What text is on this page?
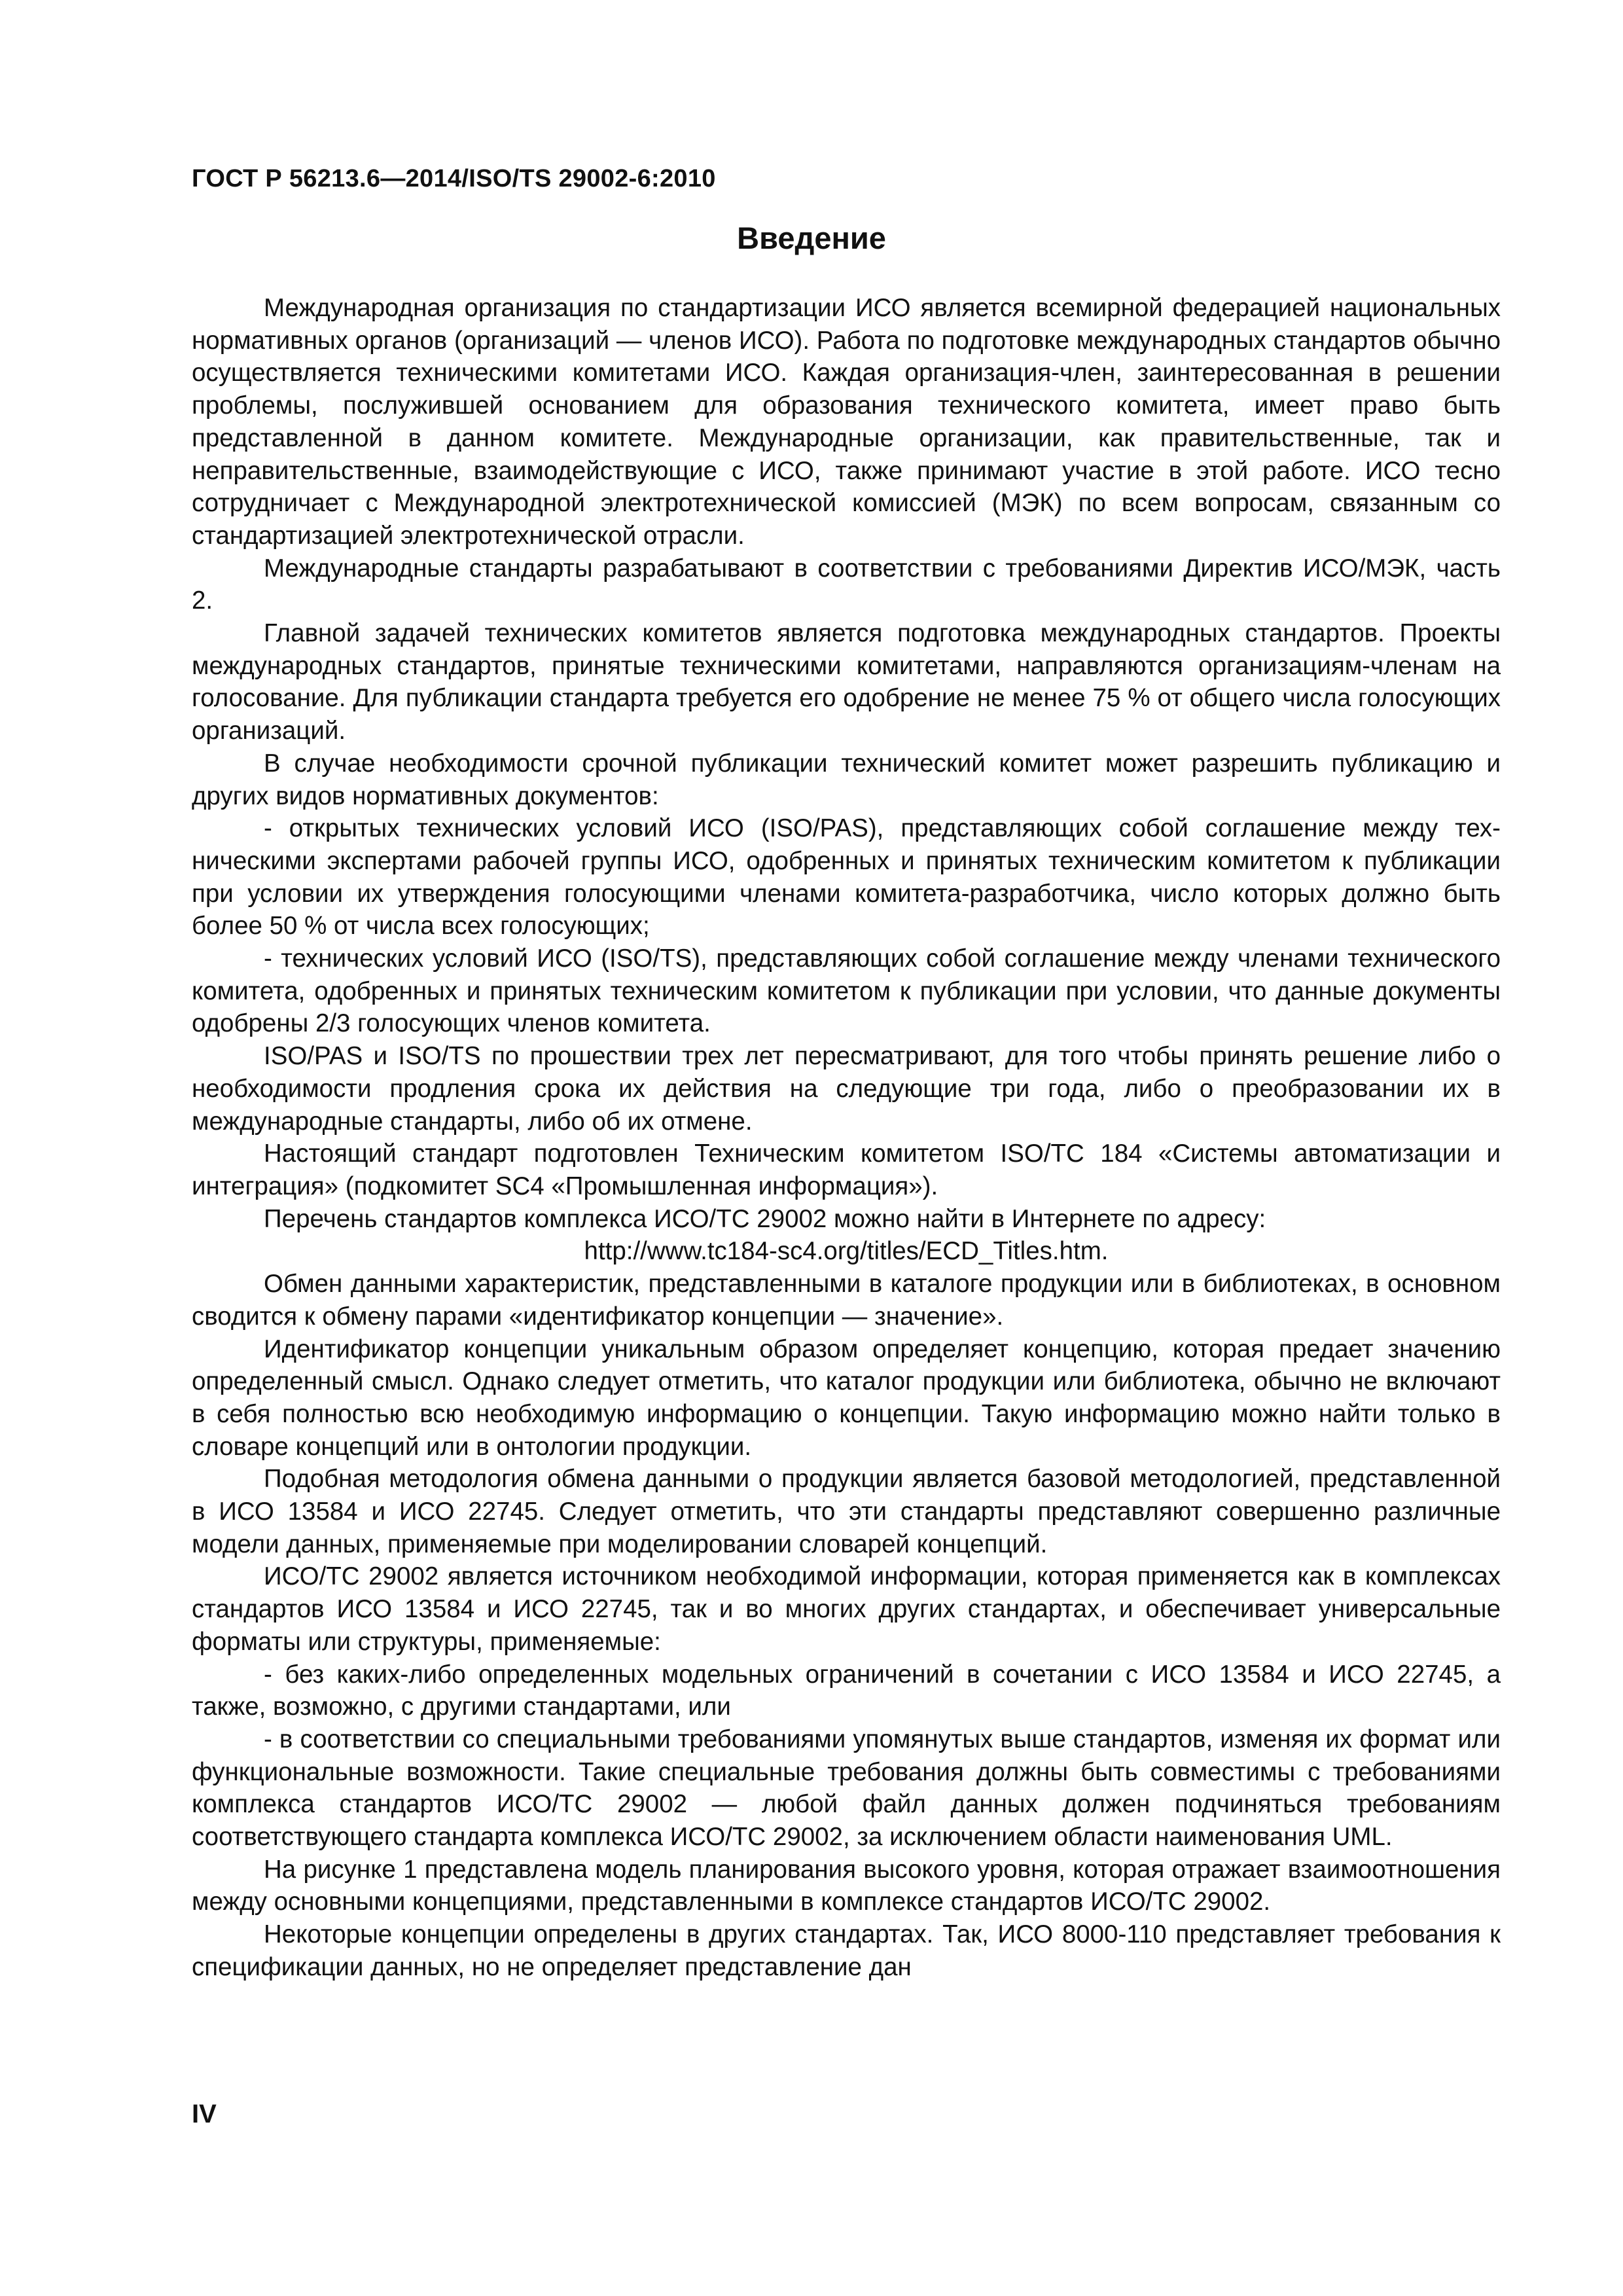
ГОСТ Р 56213.6—2014/ISO/TS 29002-6:2010
Введение

Международная организация по стандартизации ИСО является всемирной федерацией национальных нормативных органов (организаций — членов ИСО). Работа по подготовке международных стандартов обычно осуществляется техническими комитетами ИСО. Каждая организация-член, заинтересованная в решении проблемы, послужившей основанием для образования технического комитета, имеет право быть представленной в данном комитете. Международные организации, как правительственные, так и неправительственные, взаимодействующие с ИСО, также принимают участие в этой работе. ИСО тесно сотрудничает с Международной электротехнической комиссией (МЭК) по всем вопросам, связанным со стандартизацией электротехнической отрасли.

Международные стандарты разрабатывают в соответствии с требованиями Директив ИСО/МЭК, часть 2.

Главной задачей технических комитетов является подготовка международных стандартов. Проекты международных стандартов, принятые техническими комитетами, направляются организациям-членам на голосование. Для публикации стандарта требуется его одобрение не менее 75 % от общего числа голосующих организаций.

В случае необходимости срочной публикации технический комитет может разрешить публикацию и других видов нормативных документов:

- открытых технических условий ИСО (ISO/PAS), представляющих собой соглашение между техническими экспертами рабочей группы ИСО, одобренных и принятых техническим комитетом к публикации при условии их утверждения голосующими членами комитета-разработчика, число которых должно быть более 50 % от числа всех голосующих;

- технических условий ИСО (ISO/TS), представляющих собой соглашение между членами технического комитета, одобренных и принятых техническим комитетом к публикации при условии, что данные документы одобрены 2/3 голосующих членов комитета.

ISO/PAS и ISO/TS по прошествии трех лет пересматривают, для того чтобы принять решение либо о необходимости продления срока их действия на следующие три года, либо о преобразовании их в международные стандарты, либо об их отмене.

Настоящий стандарт подготовлен Техническим комитетом ISO/TC 184 «Системы автоматизации и интеграция» (подкомитет SC4 «Промышленная информация»).

Перечень стандартов комплекса ИСО/ТС 29002 можно найти в Интернете по адресу:

http://www.tc184-sc4.org/titles/ECD_Titles.htm.

Обмен данными характеристик, представленными в каталоге продукции или в библиотеках, в основном сводится к обмену парами «идентификатор концепции — значение».

Идентификатор концепции уникальным образом определяет концепцию, которая предает значению определенный смысл. Однако следует отметить, что каталог продукции или библиотека, обычно не включают в себя полностью всю необходимую информацию о концепции. Такую информацию можно найти только в словаре концепций или в онтологии продукции.

Подобная методология обмена данными о продукции является базовой методологией, представленной в ИСО 13584 и ИСО 22745. Следует отметить, что эти стандарты представляют совершенно различные модели данных, применяемые при моделировании словарей концепций.

ИСО/ТС 29002 является источником необходимой информации, которая применяется как в комплексах стандартов ИСО 13584 и ИСО 22745, так и во многих других стандартах, и обеспечивает универсальные форматы или структуры, применяемые:

- без каких-либо определенных модельных ограничений в сочетании с ИСО 13584 и ИСО 22745, а также, возможно, с другими стандартами, или

- в соответствии со специальными требованиями упомянутых выше стандартов, изменяя их формат или функциональные возможности. Такие специальные требования должны быть совместимы с требованиями комплекса стандартов ИСО/ТС 29002 — любой файл данных должен подчиняться требованиям соответствующего стандарта комплекса ИСО/ТС 29002, за исключением области наименования UML.

На рисунке 1 представлена модель планирования высокого уровня, которая отражает взаимоотношения между основными концепциями, представленными в комплексе стандартов ИСО/ТС 29002.

Некоторые концепции определены в других стандартах. Так, ИСО 8000-110 представляет требования к спецификации данных, но не определяет представление дан

IV
